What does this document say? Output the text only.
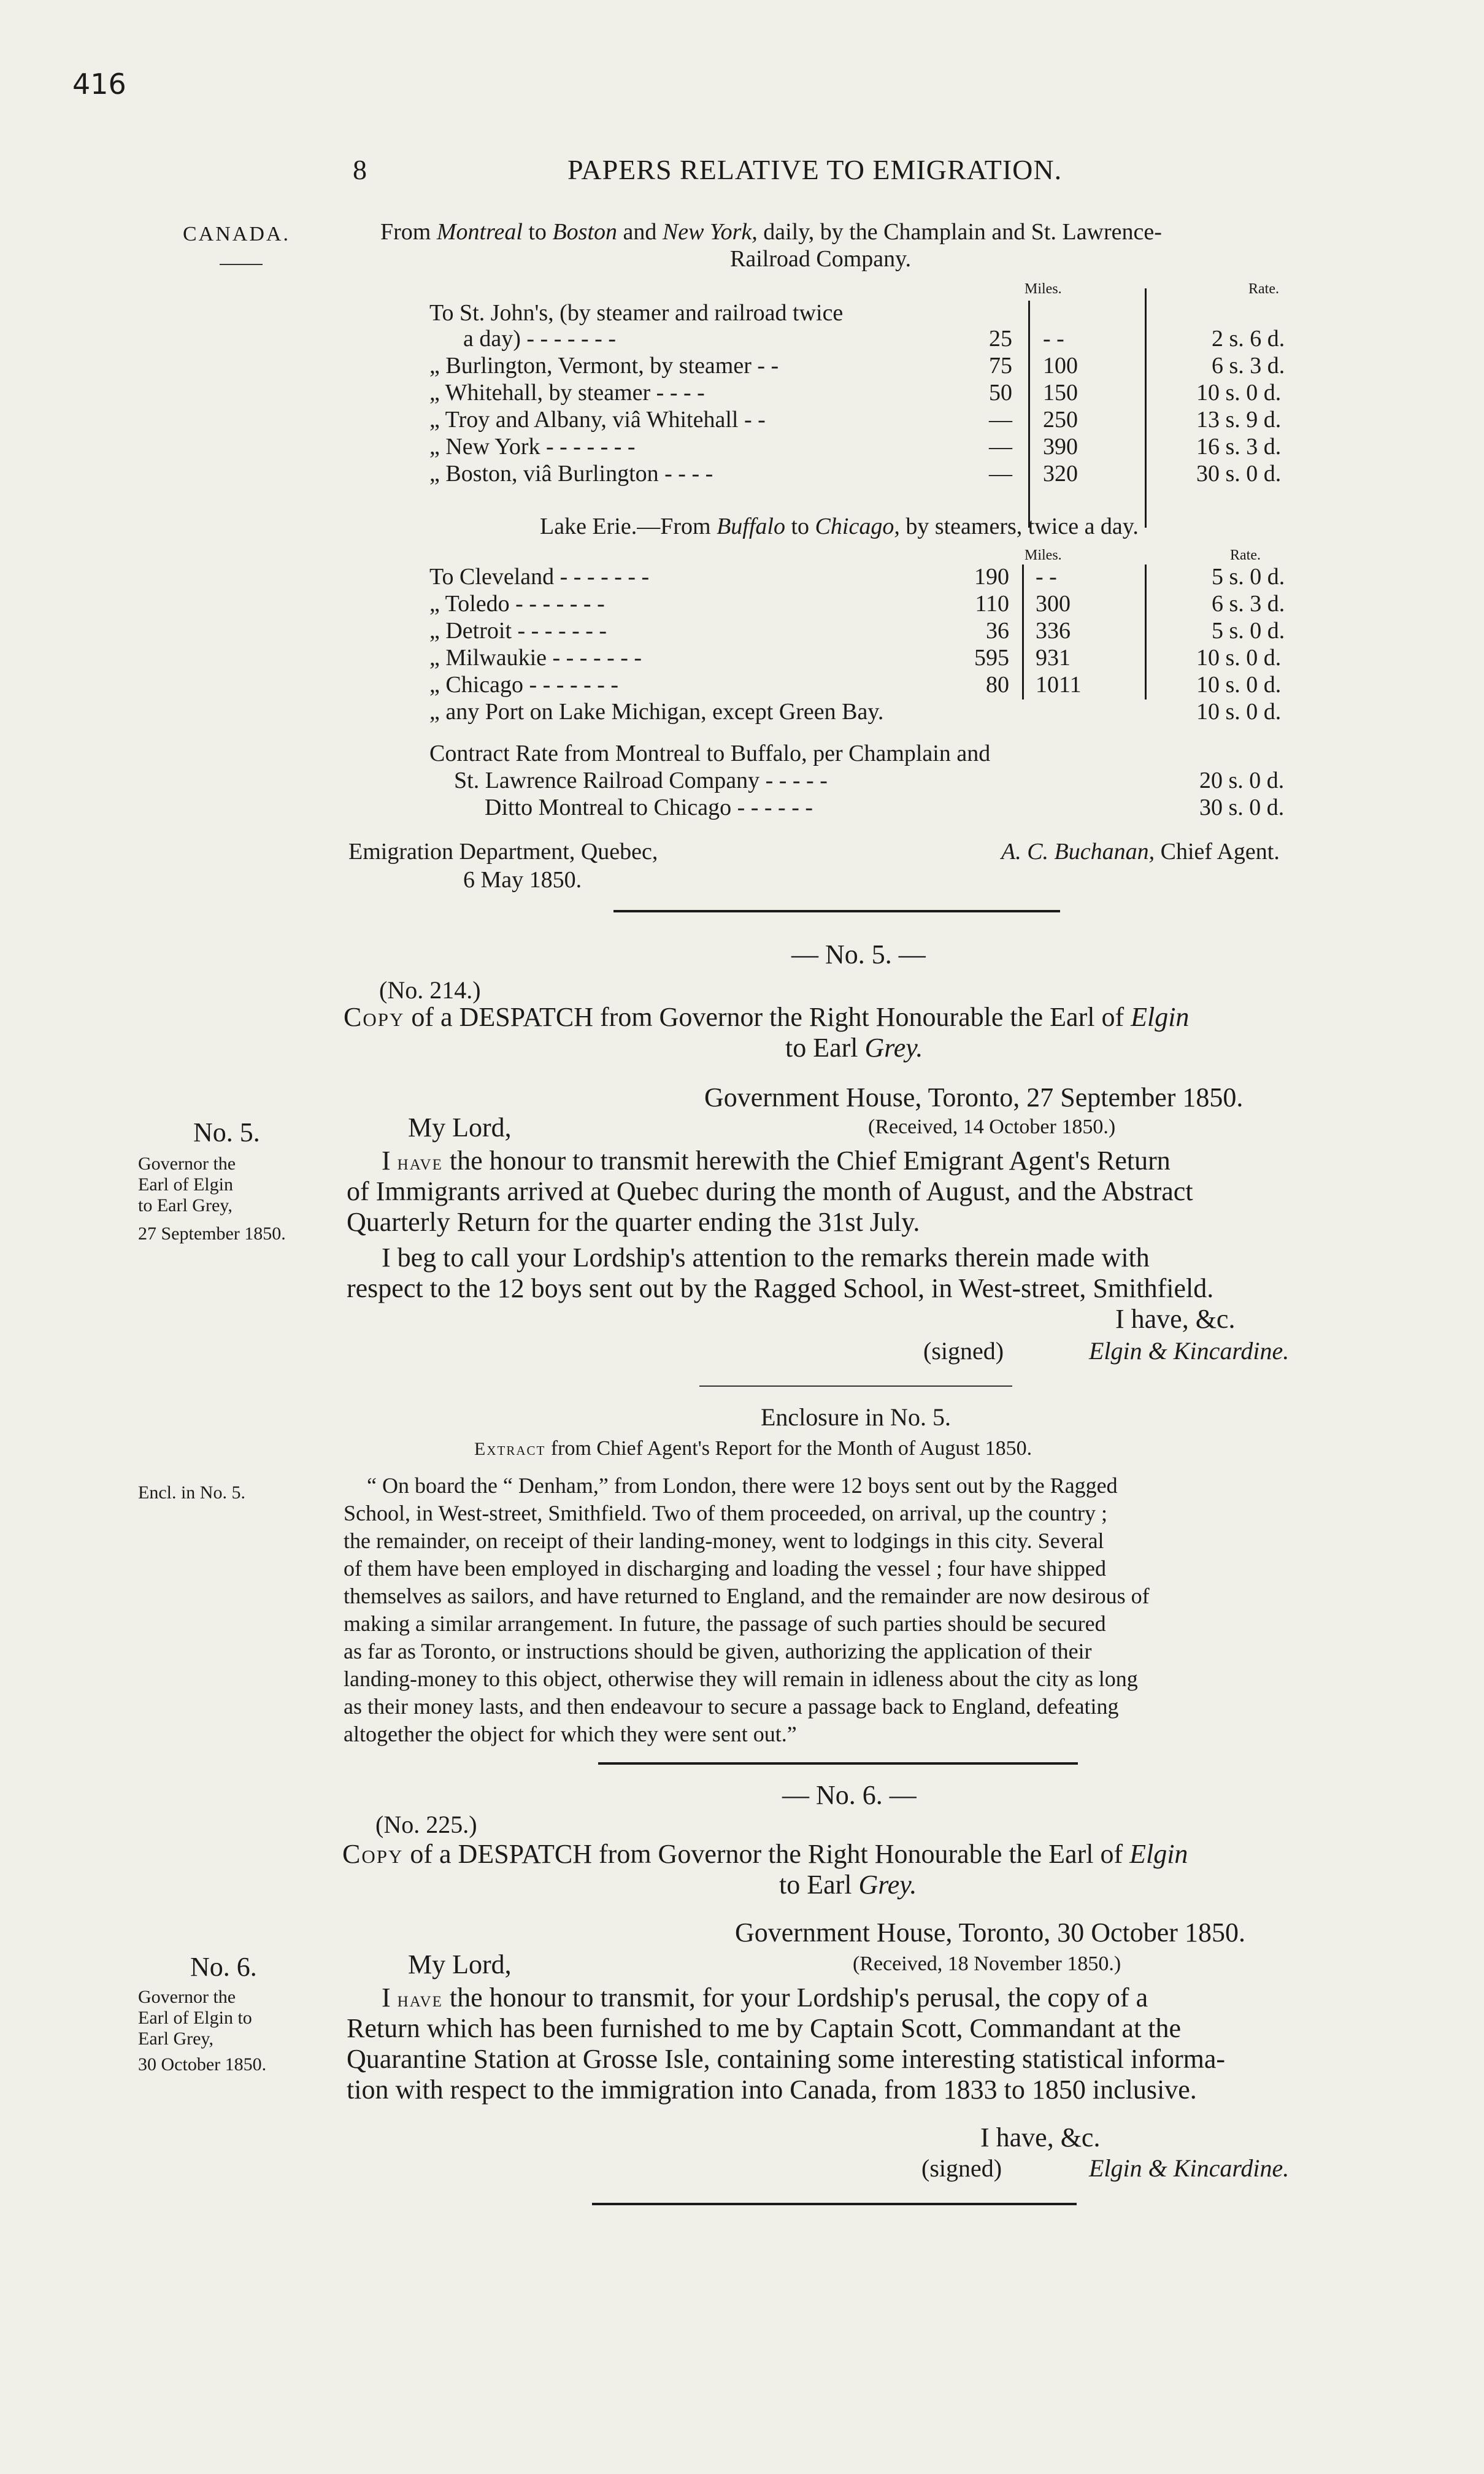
416
8	PAPERS RELATIVE TO EMIGRATION.
CANADA.
No. 5.
Governor the
Earl of Elgin
to Earl Grey,
27 September 1850.
Encl. in No. 5.
No. 6.
Governor the
Earl of Elgin to
Earl Grey,
30 October 1850.
From Montreal to Boston and New York, daily, by the Champlain and St. Lawrence-
Railroad Company.
Miles.	Rate.
To St. John's, (by steamer and railroad twice
a day) - - - - - - -	25 - -	2 s. 6 d.
„ Burlington, Vermont, by steamer - -	75 100	6 s. 3 d.
„ Whitehall, by steamer - - - -	50 150	10 s. 0 d.
„ Troy and Albany, viâ Whitehall - -	— 250	13 s. 9 d.
„ New York - - - - - - -	— 390	16 s. 3 d.
„ Boston, viâ Burlington - - - -	— 320	30 s. 0 d.
Lake Erie.—From Buffalo to Chicago, by steamers, twice a day.
Miles.	Rate.
To Cleveland - - - - - - -	190 - -	5 s. 0 d.
„ Toledo - - - - - - -	110 300	6 s. 3 d.
„ Detroit - - - - - - -	36 336	5 s. 0 d.
„ Milwaukie - - - - - - -	595 931	10 s. 0 d.
„ Chicago - - - - - - -	80 1011	10 s. 0 d.
„ any Port on Lake Michigan, except Green Bay.	10 s. 0 d.
Contract Rate from Montreal to Buffalo, per Champlain and
St. Lawrence Railroad Company - - - - -	20 s. 0 d.
Ditto Montreal to Chicago - - - - - -	30 s. 0 d.
Emigration Department, Quebec,
6 May 1850.
A. C. Buchanan, Chief Agent.
— No. 5. —
(No. 214.)
Copy of a DESPATCH from Governor the Right Honourable the Earl of Elgin
to Earl Grey.
Government House, Toronto, 27 September 1850.
My Lord,	(Received, 14 October 1850.)
I have the honour to transmit herewith the Chief Emigrant Agent's Return
of Immigrants arrived at Quebec during the month of August, and the Abstract
Quarterly Return for the quarter ending the 31st July.
I beg to call your Lordship's attention to the remarks therein made with
respect to the 12 boys sent out by the Ragged School, in West-street, Smithfield.
I have, &c.
(signed)	Elgin & Kincardine.
Enclosure in No. 5.
Extract from Chief Agent's Report for the Month of August 1850.
“ On board the “ Denham,” from London, there were 12 boys sent out by the Ragged
School, in West-street, Smithfield. Two of them proceeded, on arrival, up the country ;
the remainder, on receipt of their landing-money, went to lodgings in this city. Several
of them have been employed in discharging and loading the vessel ; four have shipped
themselves as sailors, and have returned to England, and the remainder are now desirous of
making a similar arrangement. In future, the passage of such parties should be secured
as far as Toronto, or instructions should be given, authorizing the application of their
landing-money to this object, otherwise they will remain in idleness about the city as long
as their money lasts, and then endeavour to secure a passage back to England, defeating
altogether the object for which they were sent out.”
— No. 6. —
(No. 225.)
Copy of a DESPATCH from Governor the Right Honourable the Earl of Elgin
to Earl Grey.
Government House, Toronto, 30 October 1850.
My Lord,	(Received, 18 November 1850.)
I have the honour to transmit, for your Lordship's perusal, the copy of a
Return which has been furnished to me by Captain Scott, Commandant at the
Quarantine Station at Grosse Isle, containing some interesting statistical informa-
tion with respect to the immigration into Canada, from 1833 to 1850 inclusive.
I have, &c.
(signed)	Elgin & Kincardine.
